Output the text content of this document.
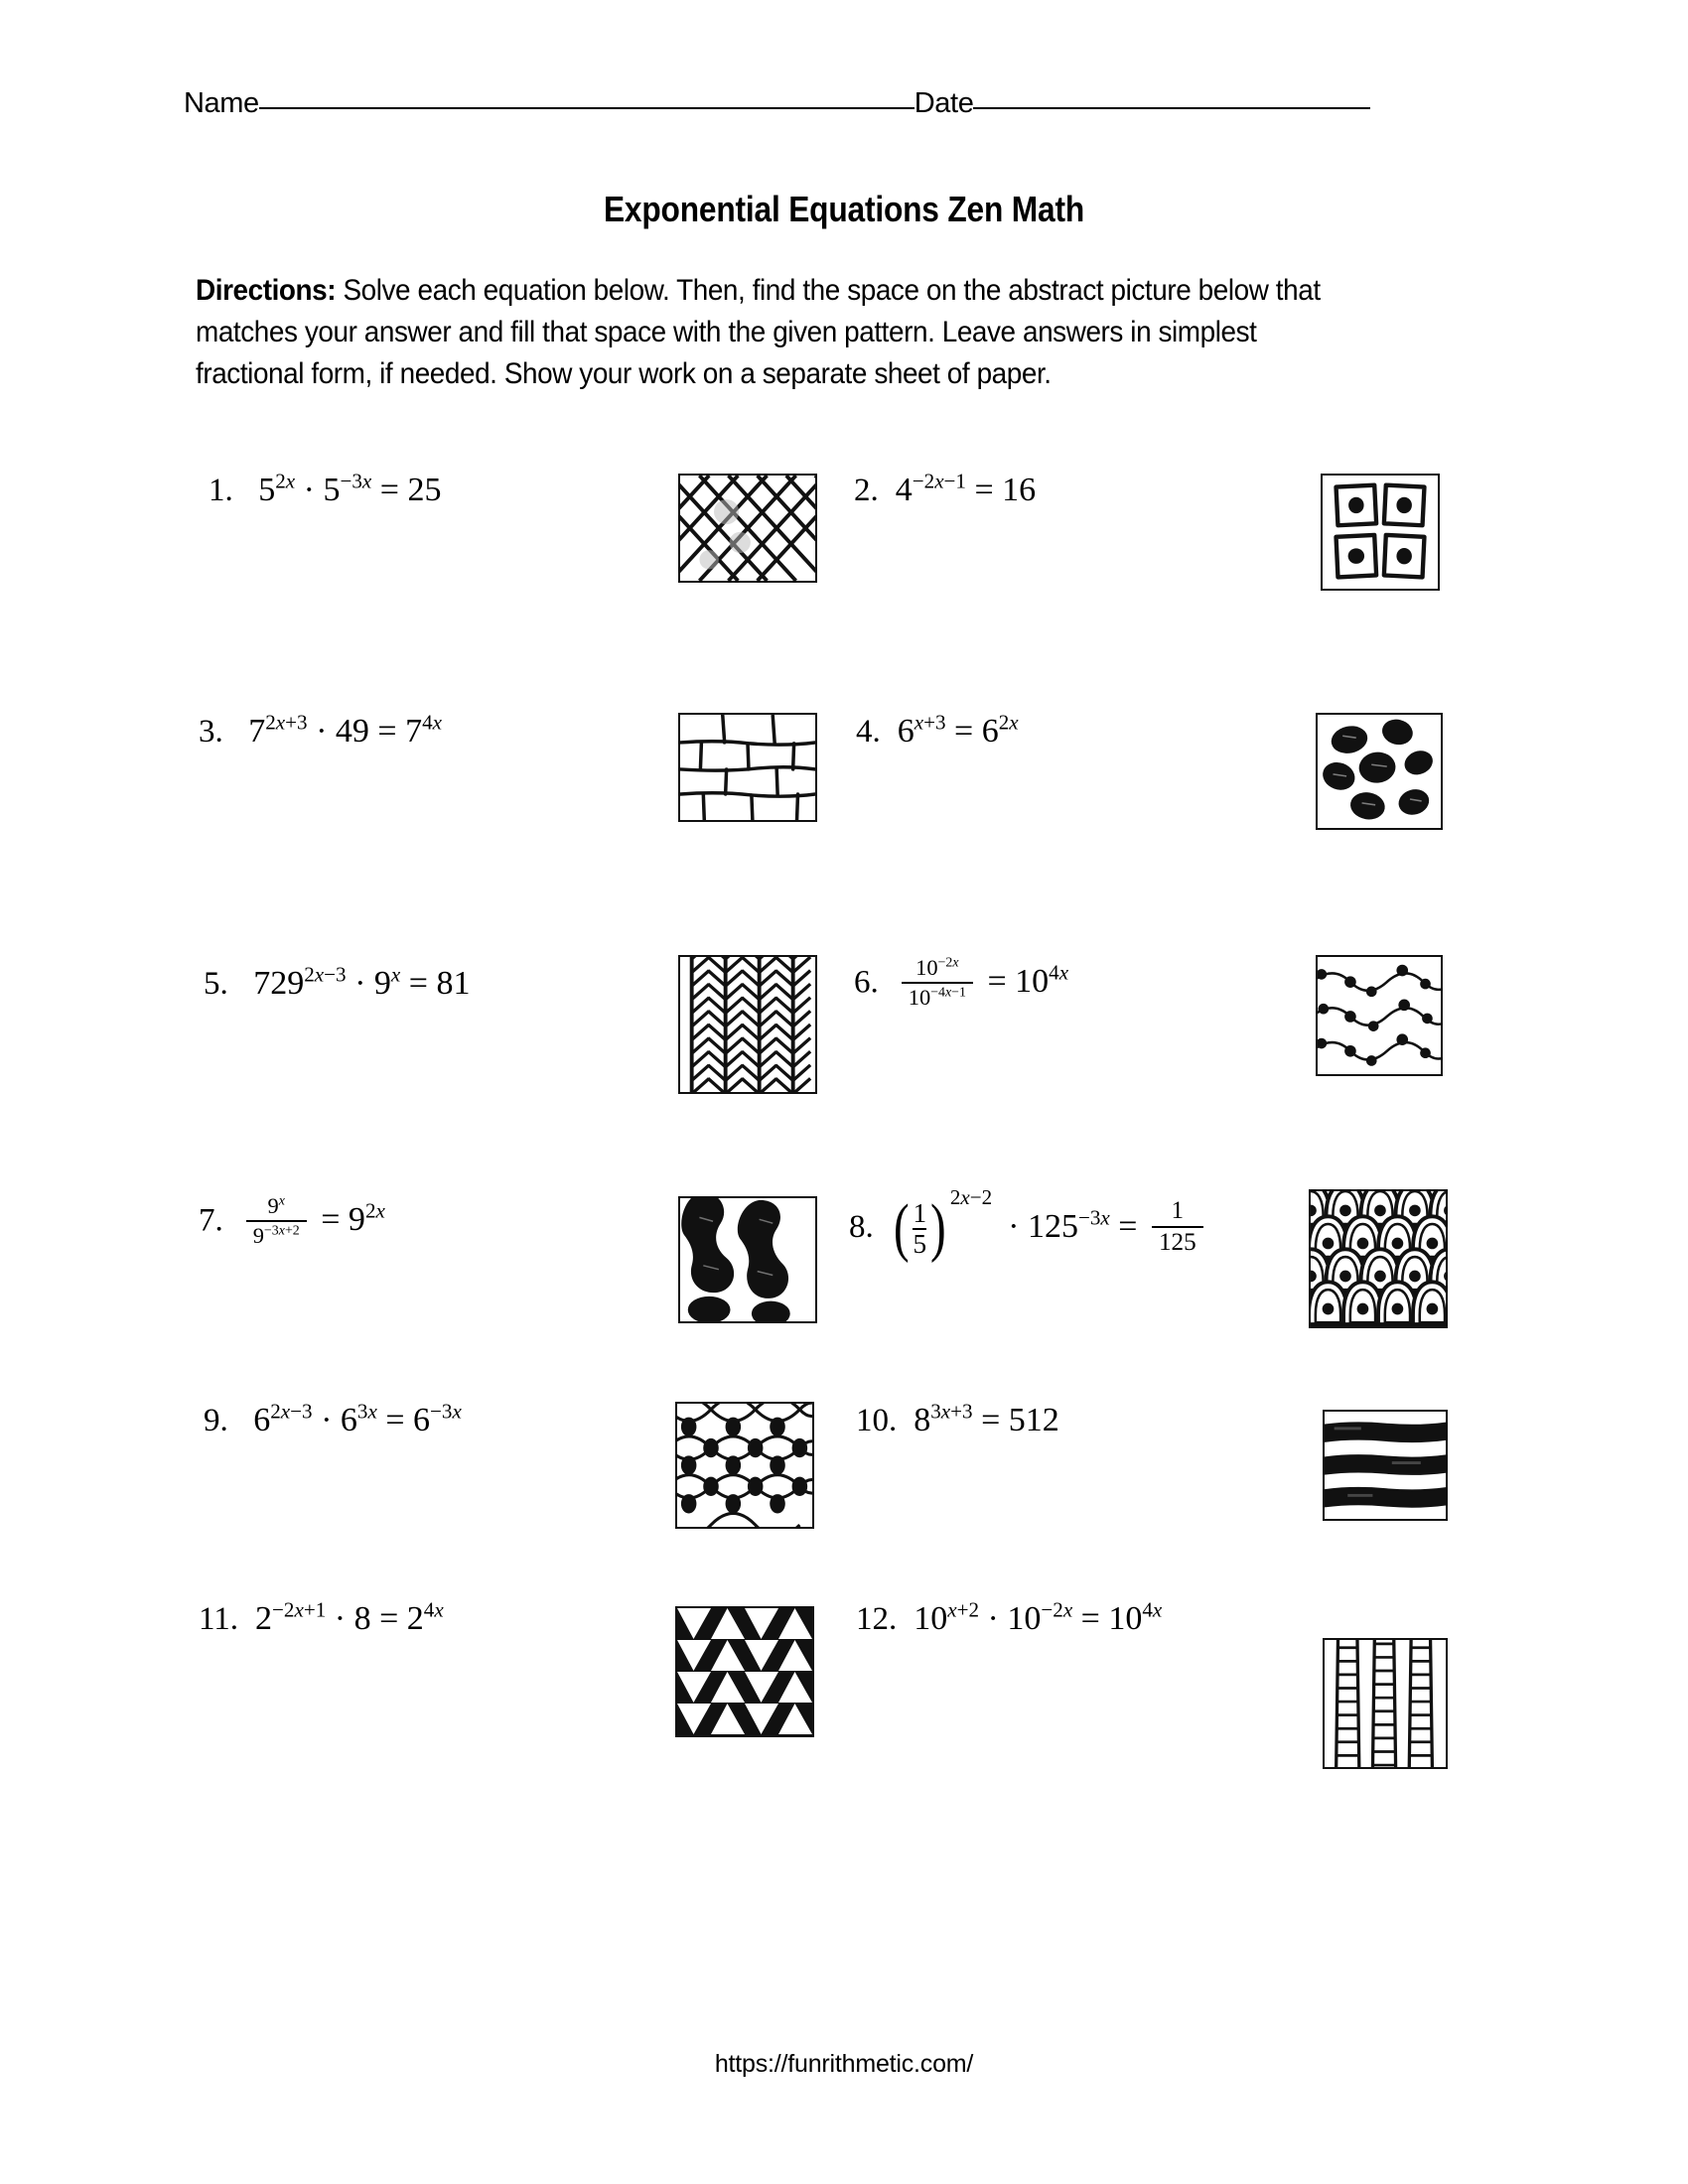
Name	Date
Exponential Equations Zen Math
Directions: Solve each equation below. Then, find the space on the abstract picture below that matches your answer and fill that space with the given pattern. Leave answers in simplest fractional form, if needed. Show your work on a separate sheet of paper.
1.   $5^{2x} \cdot 5^{-3x} = 25$	2.  $4^{-2x-1} = 16$
3.   $7^{2x+3} \cdot 49 = 7^{4x}$	4.  $6^{x+3} = 6^{2x}$
5.   $729^{2x-3} \cdot 9^x = 81$	6. $\frac{10^{-2x}}{10^{-4x-1}} = 10^{4x}$
7. $\frac{9^x}{9^{-3x+2}} = 9^{2x}$	8. ( 1
5 ) 2x−2
· $125^{-3x} = \frac{1}{125}$
9.   $6^{2x-3} \cdot 6^{3x} = 6^{-3x}$	10.  $8^{3x+3} = 512$
11.  $2^{-2x+1} \cdot 8 = 2^{4x}$	12.  $10^{x+2} \cdot 10^{-2x} = 10^{4x}$
https://funrithmetic.com/
